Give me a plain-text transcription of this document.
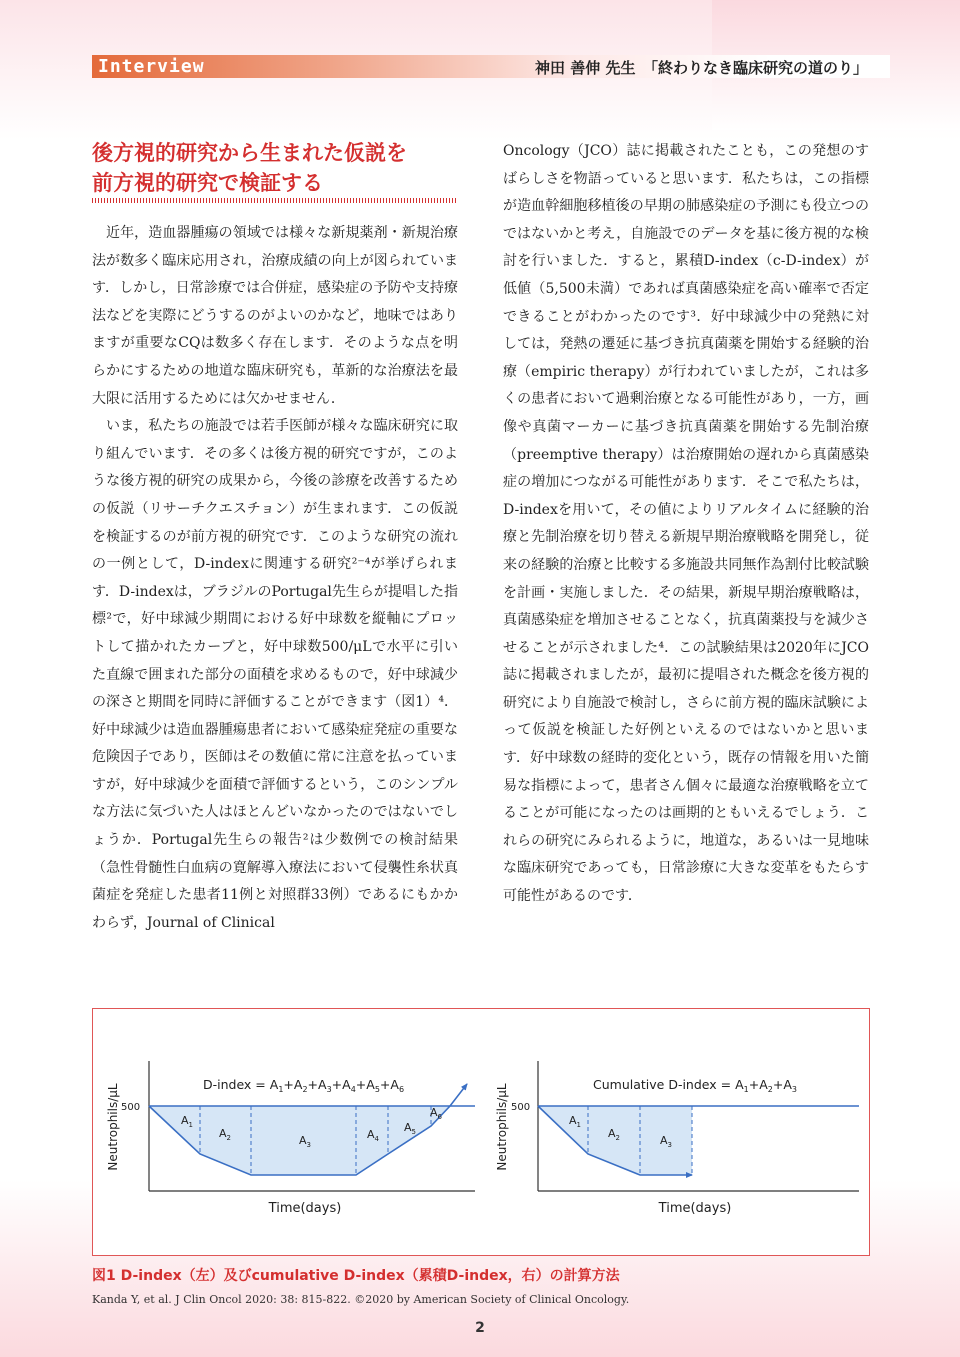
Interview	神田 善伸 先生　「終わりなき臨床研究の道のり」
後方視的研究から生まれた仮説を
前方視的研究で検証する

近年，造血器腫瘍の領域では様々な新規薬剤・新規治療法が数多く臨床応用され，治療成績の向上が図られています．しかし，日常診療では合併症，感染症の予防や支持療法などを実際にどうするのがよいのかなど，地味ではありますが重要なCQは数多く存在します．そのような点を明らかにするための地道な臨床研究も，革新的な治療法を最大限に活用するためには欠かせません．

いま，私たちの施設では若手医師が様々な臨床研究に取り組んでいます．その多くは後方視的研究ですが，このような後方視的研究の成果から，今後の診療を改善するための仮説（リサーチクエスチョン）が生まれます．この仮説を検証するのが前方視的研究です．このような研究の流れの一例として，D-indexに関連する研究²⁻⁴が挙げられます．D-indexは，ブラジルのPortugal先生らが提唱した指標²で，好中球減少期間における好中球数を縦軸にプロットして描かれたカーブと，好中球数500/μLで水平に引いた直線で囲まれた部分の面積を求めるもので，好中球減少の深さと期間を同時に評価することができます（図1）⁴．好中球減少は造血器腫瘍患者において感染症発症の重要な危険因子であり，医師はその数値に常に注意を払っていますが，好中球減少を面積で評価するという，このシンプルな方法に気づいた人はほとんどいなかったのではないでしょうか．Portugal先生らの報告²は少数例での検討結果（急性骨髄性白血病の寛解導入療法において侵襲性糸状真菌症を発症した患者11例と対照群33例）であるにもかかわらず，Journal of Clinical

Oncology（JCO）誌に掲載されたことも，この発想のすばらしさを物語っていると思います．私たちは，この指標が造血幹細胞移植後の早期の肺感染症の予測にも役立つのではないかと考え，自施設でのデータを基に後方視的な検討を行いました．すると，累積D-index（c-D-index）が低値（5,500未満）であれば真菌感染症を高い確率で否定できることがわかったのです³．好中球減少中の発熱に対しては，発熱の遷延に基づき抗真菌薬を開始する経験的治療（empiric therapy）が行われていましたが，これは多くの患者において過剰治療となる可能性があり，一方，画像や真菌マーカーに基づき抗真菌薬を開始する先制治療（preemptive therapy）は治療開始の遅れから真菌感染症の増加につながる可能性があります．そこで私たちは，D-indexを用いて，その値によりリアルタイムに経験的治療と先制治療を切り替える新規早期治療戦略を開発し，従来の経験的治療と比較する多施設共同無作為割付比較試験を計画・実施しました．その結果，新規早期治療戦略は，真菌感染症を増加させることなく，抗真菌薬投与を減少させることが示されました⁴．この試験結果は2020年にJCO誌に掲載されましたが，最初に提唱された概念を後方視的研究により自施設で検討し，さらに前方視的臨床試験によって仮説を検証した好例といえるのではないかと思います．好中球数の経時的変化という，既存の情報を用いた簡易な指標によって，患者さん個々に最適な治療戦略を立てることが可能になったのは画期的ともいえるでしょう．これらの研究にみられるように，地道な，あるいは一見地味な臨床研究であっても，日常診療に大きな変革をもたらす可能性があるのです．

D-index = $A_1+A_2+A_3+A_4+A_5+A_6$
500
Neutrophils/μL
Time(days)
$A_1$
$A_2$	$A_3$
$A_4$
$A_5$
$A_6$
Cumulative D-index = $A_1+A_2+A_3$
500
Neutrophils/μL
Time(days)
$A_1$
$A_2$	$A_3$
図1 D-index（左）及びcumulative D-index（累積D-index，右）の計算方法
Kanda Y, et al. J Clin Oncol 2020: 38: 815-822. ©2020 by American Society of Clinical Oncology.
2
